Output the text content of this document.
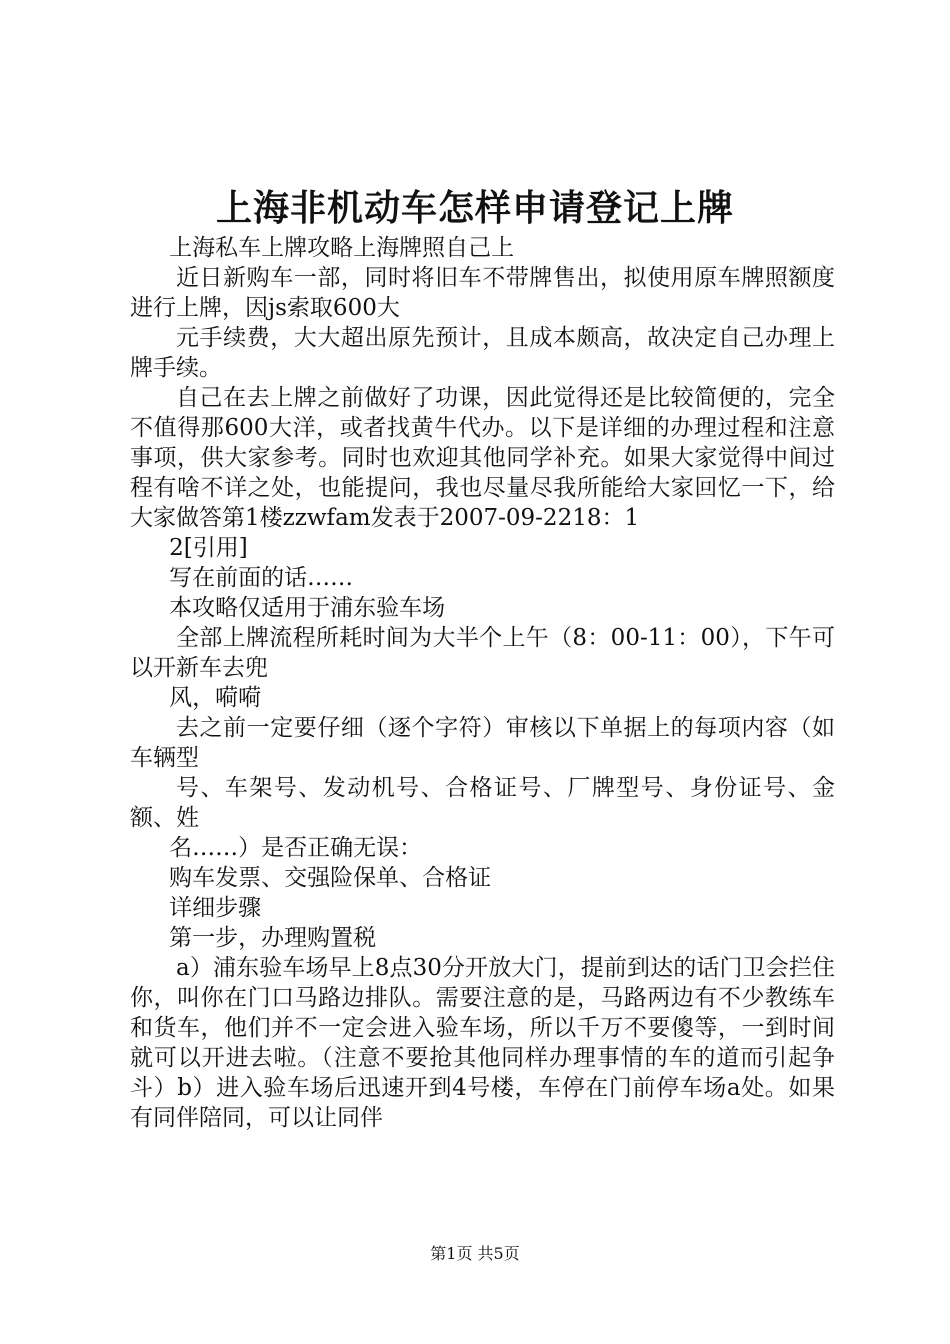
上海非机动车怎样申请登记上牌

上海私车上牌攻略上海牌照自己上

近日新购车一部，同时将旧车不带牌售出，拟使用原车牌照额度进行上牌，因js索取600大

元手续费，大大超出原先预计，且成本颇高，故决定自己办理上牌手续。

自己在去上牌之前做好了功课，因此觉得还是比较简便的，完全不值得那600大洋，或者找黄牛代办。以下是详细的办理过程和注意事项，供大家参考。同时也欢迎其他同学补充。如果大家觉得中间过程有啥不详之处，也能提问，我也尽量尽我所能给大家回忆一下，给大家做答第1楼zzwfam发表于2007-09-2218：1

2[引用]

写在前面的话……

本攻略仅适用于浦东验车场

全部上牌流程所耗时间为大半个上午（8：00-11：00），下午可以开新车去兜

风，嗬嗬

去之前一定要仔细（逐个字符）审核以下单据上的每项内容（如车辆型

号、车架号、发动机号、合格证号、厂牌型号、身份证号、金额、姓

名……）是否正确无误：

购车发票、交强险保单、合格证

详细步骤

第一步，办理购置税

a）浦东验车场早上8点30分开放大门，提前到达的话门卫会拦住你，叫你在门口马路边排队。需要注意的是，马路两边有不少教练车和货车，他们并不一定会进入验车场，所以千万不要傻等，一到时间就可以开进去啦。（注意不要抢其他同样办理事情的车的道而引起争斗）b）进入验车场后迅速开到4号楼，车停在门前停车场a处。如果有同伴陪同，可以让同伴

第1页 共5页
